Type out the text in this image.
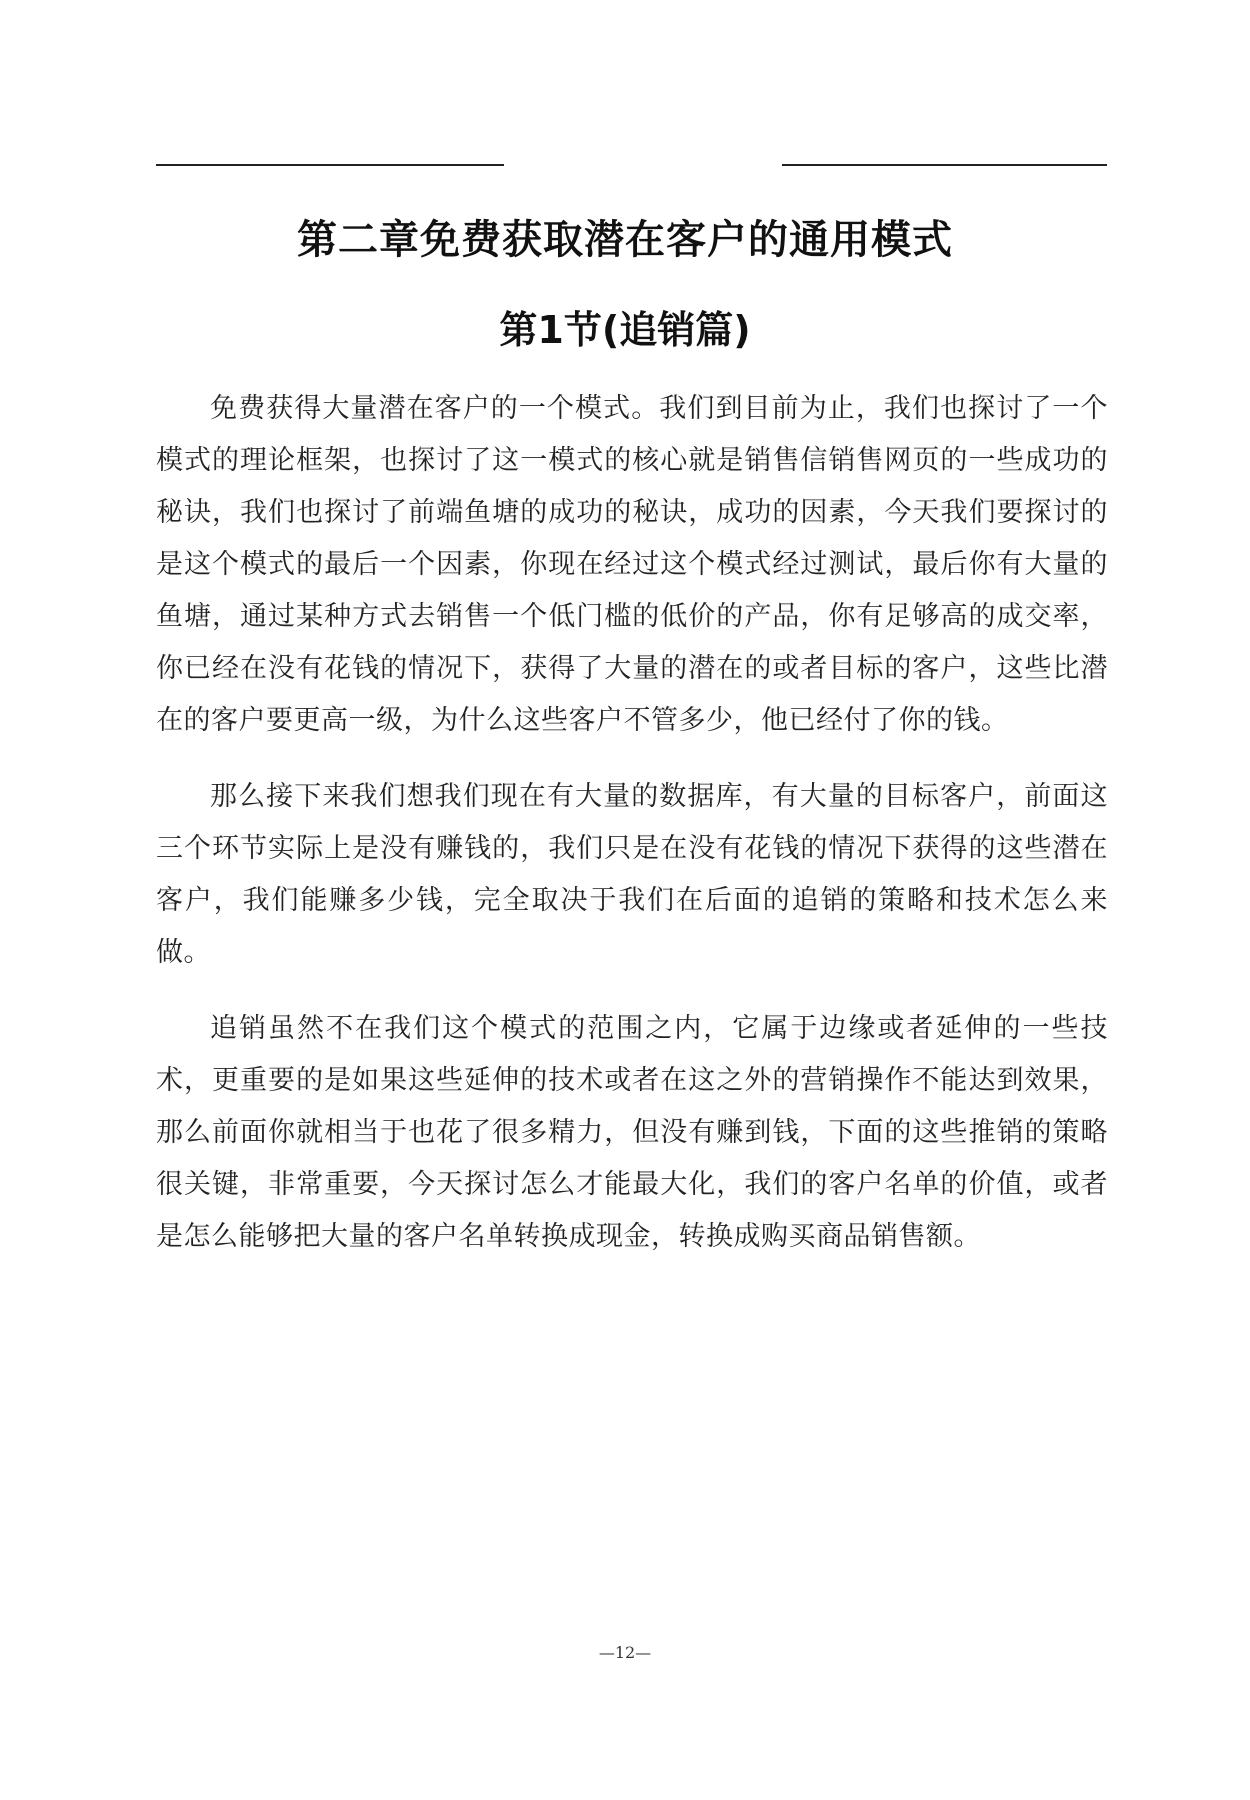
第二章免费获取潜在客户的通用模式
第1节(追销篇)

免费获得大量潜在客户的一个模式。我们到目前为止，我们也探讨了一个模式的理论框架，也探讨了这一模式的核心就是销售信销售网页的一些成功的秘诀，我们也探讨了前端鱼塘的成功的秘诀，成功的因素，今天我们要探讨的是这个模式的最后一个因素，你现在经过这个模式经过测试，最后你有大量的鱼塘，通过某种方式去销售一个低门槛的低价的产品，你有足够高的成交率，你已经在没有花钱的情况下，获得了大量的潜在的或者目标的客户，这些比潜在的客户要更高一级，为什么这些客户不管多少，他已经付了你的钱。

那么接下来我们想我们现在有大量的数据库，有大量的目标客户，前面这三个环节实际上是没有赚钱的，我们只是在没有花钱的情况下获得的这些潜在客户，我们能赚多少钱，完全取决于我们在后面的追销的策略和技术怎么来做。

追销虽然不在我们这个模式的范围之内，它属于边缘或者延伸的一些技术，更重要的是如果这些延伸的技术或者在这之外的营销操作不能达到效果，那么前面你就相当于也花了很多精力，但没有赚到钱，下面的这些推销的策略很关键，非常重要，今天探讨怎么才能最大化，我们的客户名单的价值，或者是怎么能够把大量的客户名单转换成现金，转换成购买商品销售额。

—12—
